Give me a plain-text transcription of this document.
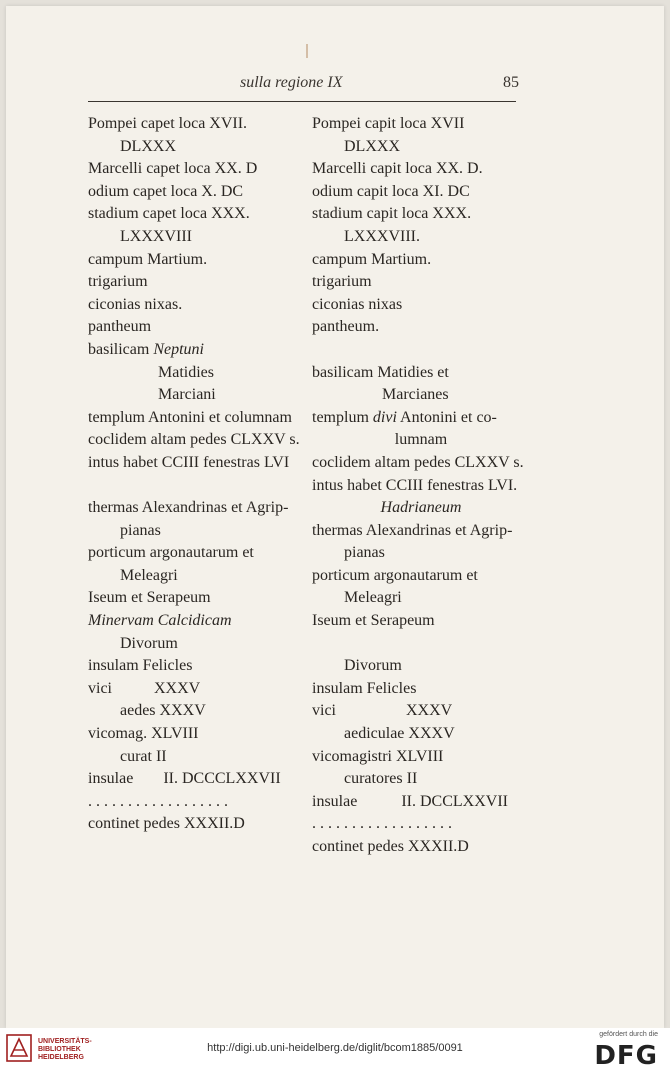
sulla regione IX	85
Pompei capet loca XVII.
DLXXX
Marcelli capet loca XX. D
odium capet loca X. DC
stadium capet loca XXX.
LXXXVIII
campum Martium.
trigarium
ciconias nixas.
pantheum
basilicam Neptuni
Matidies
Marciani
templum Antonini et columnam
coclidem altam pedes CLXXV s.
intus habet CCIII fenestras LVI
thermas Alexandrinas et Agrip-
pianas
porticum argonautarum et
Meleagri
Iseum et Serapeum
Minervam Calcidicam
Divorum
insulam Felicles
vici	XXXV
aedes XXXV
vicomag. XLVIII
curat II
insulae II. DCCCLXXVII
. . . . . . . . . . . . . . . . . .
continet pedes XXXII.D
Pompei capit loca XVII
DLXXX
Marcelli capit loca XX. D.
odium capit loca XI. DC
stadium capit loca XXX.
LXXXVIII.
campum Martium.
trigarium
ciconias nixas
pantheum.
basilicam Matidies et
Marcianes
templum divi Antonini et co-
lumnam
coclidem altam pedes CLXXV s.
intus habet CCIII fenestras LVI.
Hadrianeum
thermas Alexandrinas et Agrip-
pianas
porticum argonautarum et
Meleagri
Iseum et Serapeum
Divorum
insulam Felicles
vici	XXXV
aediculae XXXV
vicomagistri XLVIII
curatores II
insulae	II. DCCLXXVII
. . . . . . . . . . . . . . . . . .
continet pedes XXXII.D
UNIVERSITÄTS-
BIBLIOTHEK
HEIDELBERG
http://digi.ub.uni-heidelberg.de/diglit/bcom1885/0091
gefördert durch die
DFG
